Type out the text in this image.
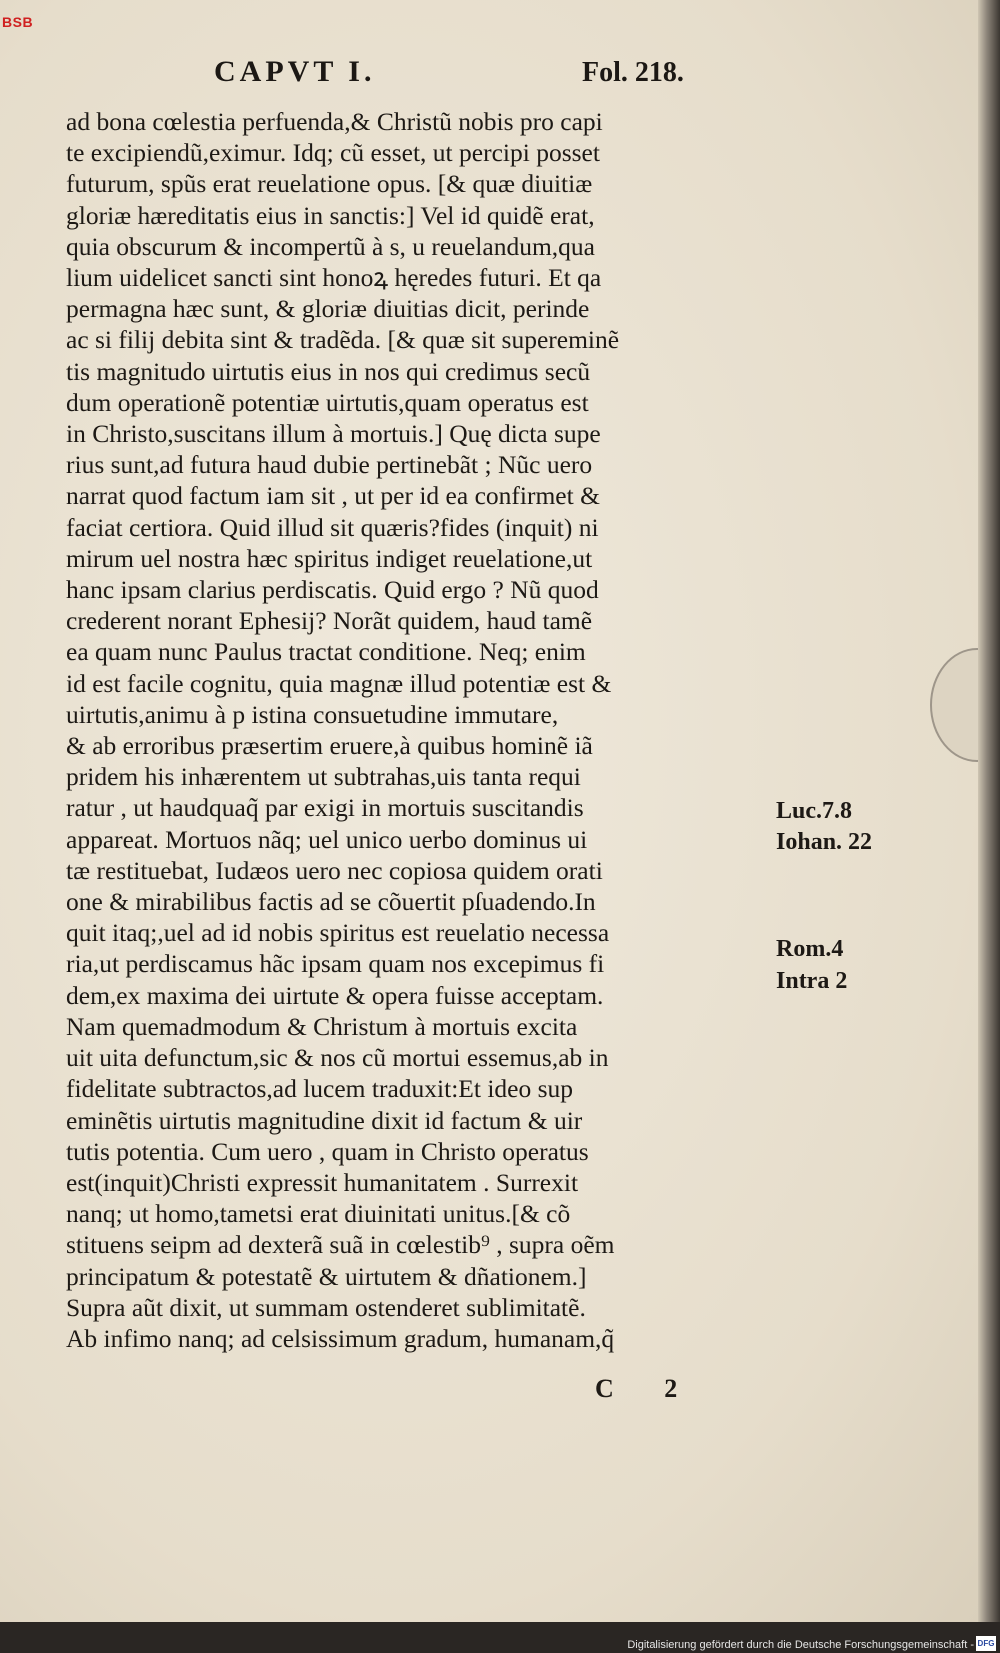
BSB
CAPVT I.	Fol. 218.
ad bona cœlestia perfuenda,& Christũ nobis pro capi
te excipiendũ,eximur. Idq; cũ esset, ut percipi posset
futurum, spũs erat reuelatione opus. [& quæ diuitiæ
gloriæ hæreditatis eius in sanctis:] Vel id quidẽ erat,
quia obscurum & incompertũ à s, u reuelandum,qua
lium uidelicet sancti sint honoꝝ hęredes futuri. Et qa
permagna hæc sunt, & gloriæ diuitias dicit, perinde
ac si filij debita sint & tradẽda. [& quæ sit supereminẽ
tis magnitudo uirtutis eius in nos qui credimus secũ
dum operationẽ potentiæ uirtutis,quam operatus est
in Christo,suscitans illum à mortuis.] Quę dicta supe
rius sunt,ad futura haud dubie pertinebãt ; Nũc uero
narrat quod factum iam sit , ut per id ea confirmet &
faciat certiora. Quid illud sit quæris?fides (inquit) ni
mirum uel nostra hæc spiritus indiget reuelatione,ut
hanc ipsam clarius perdiscatis. Quid ergo ? Nũ quod
crederent norant Ephesij? Norãt quidem, haud tamẽ
ea quam nunc Paulus tractat conditione. Neq; enim
id est facile cognitu, quia magnæ illud potentiæ est &
uirtutis,animu à p istina consuetudine immutare,
& ab erroribus præsertim eruere,à quibus hominẽ iã
pridem his inhærentem ut subtrahas,uis tanta requi
ratur , ut haudquaq̃ par exigi in mortuis suscitandis
appareat. Mortuos nãq; uel unico uerbo dominus ui
tæ restituebat, Iudæos uero nec copiosa quidem orati
one & mirabilibus factis ad se cõuertit pſuadendo.In
quit itaq;,uel ad id nobis spiritus est reuelatio necessa
ria,ut perdiscamus hãc ipsam quam nos excepimus fi
dem,ex maxima dei uirtute & opera fuisse acceptam.
Nam quemadmodum & Christum à mortuis excita
uit uita defunctum,sic & nos cũ mortui essemus,ab in
fidelitate subtractos,ad lucem traduxit:Et ideo sup
eminẽtis uirtutis magnitudine dixit id factum & uir
tutis potentia. Cum uero , quam in Christo operatus
est(inquit)Christi expressit humanitatem . Surrexit
nanq; ut homo,tametsi erat diuinitati unitus.[& cõ
stituens seipm ad dexterã suã in cœlestib⁹ , supra oẽm
principatum & potestatẽ & uirtutem & dñationem.]
Supra aũt dixit, ut summam ostenderet sublimitatẽ.
Ab infimo nanq; ad celsissimum gradum, humanam,q̃
Luc.7.8
Iohan. 22
Rom.4
Intra 2
C 2
Digitalisierung gefördert durch die Deutsche Forschungsgemeinschaft - DFG
